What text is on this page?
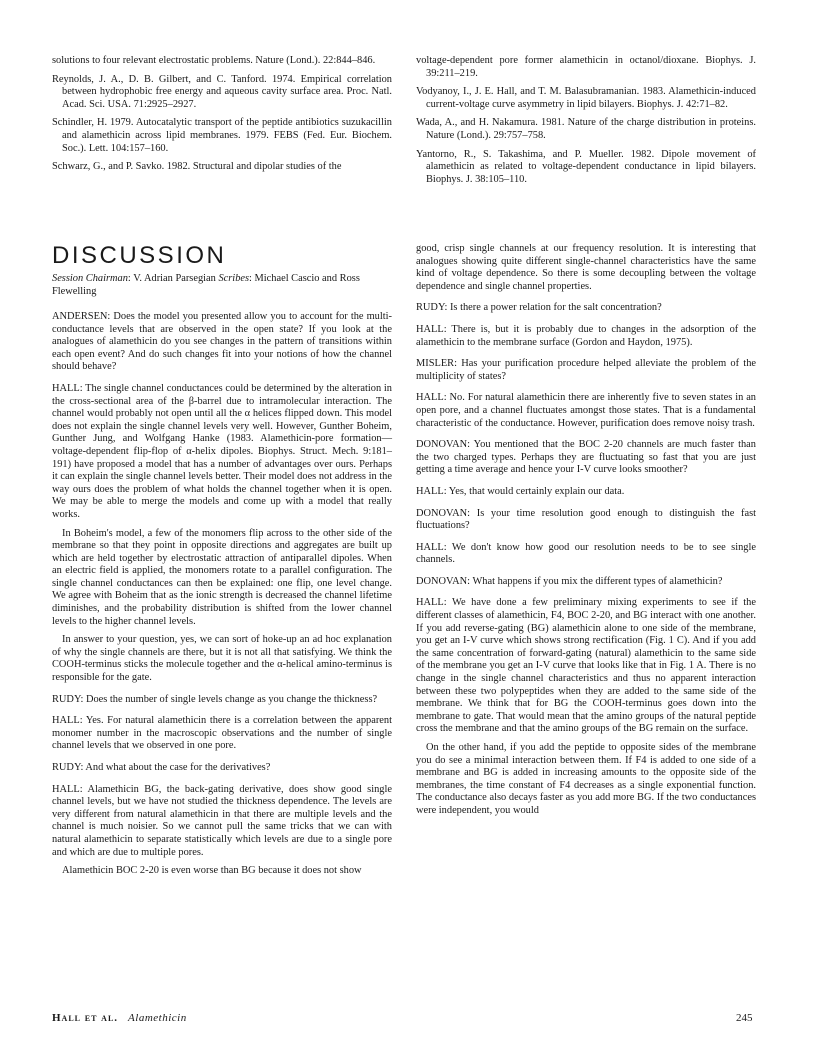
solutions to four relevant electrostatic problems. Nature (Lond.). 22:844–846.

Reynolds, J. A., D. B. Gilbert, and C. Tanford. 1974. Empirical correlation between hydrophobic free energy and aqueous cavity surface area. Proc. Natl. Acad. Sci. USA. 71:2925–2927.

Schindler, H. 1979. Autocatalytic transport of the peptide antibiotics suzukacillin and alamethicin across lipid membranes. 1979. FEBS (Fed. Eur. Biochem. Soc.). Lett. 104:157–160.

Schwarz, G., and P. Savko. 1982. Structural and dipolar studies of the

voltage-dependent pore former alamethicin in octanol/dioxane. Biophys. J. 39:211–219.

Vodyanoy, I., J. E. Hall, and T. M. Balasubramanian. 1983. Alamethicin-induced current-voltage curve asymmetry in lipid bilayers. Biophys. J. 42:71–82.

Wada, A., and H. Nakamura. 1981. Nature of the charge distribution in proteins. Nature (Lond.). 29:757–758.

Yantorno, R., S. Takashima, and P. Mueller. 1982. Dipole movement of alamethicin as related to voltage-dependent conductance in lipid bilayers. Biophys. J. 38:105–110.

DISCUSSION
Session Chairman: V. Adrian Parsegian Scribes: Michael Cascio and Ross Flewelling

ANDERSEN: Does the model you presented allow you to account for the multi-conductance levels that are observed in the open state? If you look at the analogues of alamethicin do you see changes in the pattern of transitions within each open event? And do such changes fit into your notions of how the channel should behave?

HALL: The single channel conductances could be determined by the alteration in the cross-sectional area of the β-barrel due to intramolecular interaction. The channel would probably not open until all the α helices flipped down. This model does not explain the single channel levels very well. However, Gunther Boheim, Gunther Jung, and Wolfgang Hanke (1983. Alamethicin-pore formation—voltage-dependent flip-flop of α-helix dipoles. Biophys. Struct. Mech. 9:181–191) have proposed a model that has a number of advantages over ours. Perhaps it can explain the single channel levels better. Their model does not address in the way ours does the problem of what holds the channel together when it is open. We may be able to merge the models and come up with a model that really works.

In Boheim's model, a few of the monomers flip across to the other side of the membrane so that they point in opposite directions and aggregates are built up which are held together by electrostatic attraction of antiparallel dipoles. When an electric field is applied, the monomers rotate to a parallel configuration. The single channel conductances can then be explained: one flip, one level change. We agree with Boheim that as the ionic strength is decreased the channel lifetime diminishes, and the probability distribution is shifted from the lower channel levels to the higher channel levels.

In answer to your question, yes, we can sort of hoke-up an ad hoc explanation of why the single channels are there, but it is not all that satisfying. We think the COOH-terminus sticks the molecule together and the α-helical amino-terminus is responsible for the gate.

RUDY: Does the number of single levels change as you change the thickness?

HALL: Yes. For natural alamethicin there is a correlation between the apparent monomer number in the macroscopic observations and the number of single channel levels that we observed in one pore.

RUDY: And what about the case for the derivatives?

HALL: Alamethicin BG, the back-gating derivative, does show good single channel levels, but we have not studied the thickness dependence. The levels are very different from natural alamethicin in that there are multiple levels and the channel is much noisier. So we cannot pull the same tricks that we can with natural alamethicin to separate statistically which levels are due to a single pore and which are due to multiple pores.

Alamethicin BOC 2-20 is even worse than BG because it does not show

good, crisp single channels at our frequency resolution. It is interesting that analogues showing quite different single-channel characteristics have the same kind of voltage dependence. So there is some decoupling between the voltage dependence and single channel properties.

RUDY: Is there a power relation for the salt concentration?

HALL: There is, but it is probably due to changes in the adsorption of the alamethicin to the membrane surface (Gordon and Haydon, 1975).

MISLER: Has your purification procedure helped alleviate the problem of the multiplicity of states?

HALL: No. For natural alamethicin there are inherently five to seven states in an open pore, and a channel fluctuates amongst those states. That is a fundamental characteristic of the conductance. However, purification does remove noisy trash.

DONOVAN: You mentioned that the BOC 2-20 channels are much faster than the two charged types. Perhaps they are fluctuating so fast that you are just getting a time average and hence your I-V curve looks smoother?

HALL: Yes, that would certainly explain our data.

DONOVAN: Is your time resolution good enough to distinguish the fast fluctuations?

HALL: We don't know how good our resolution needs to be to see single channels.

DONOVAN: What happens if you mix the different types of alamethicin?

HALL: We have done a few preliminary mixing experiments to see if the different classes of alamethicin, F4, BOC 2-20, and BG interact with one another. If you add reverse-gating (BG) alamethicin alone to one side of the membrane, you get an I-V curve which shows strong rectification (Fig. 1 C). And if you add the same concentration of forward-gating (natural) alamethicin to the same side of the membrane you get an I-V curve that looks like that in Fig. 1 A. There is no change in the single channel characteristics and thus no apparent interaction between these two polypeptides when they are added to the same side of the membrane. We think that for BG the COOH-terminus goes down into the membrane to gate. That would mean that the amino groups of the natural peptide cross the membrane and that the amino groups of the BG remain on the surface.

On the other hand, if you add the peptide to opposite sides of the membrane you do see a minimal interaction between them. If F4 is added to one side of a membrane and BG is added in increasing amounts to the opposite side of the membranes, the time constant of F4 decreases as a single exponential function. The conductance also decays faster as you add more BG. If the two conductances were independent, you would

Hall et al. Alamethicin	245
